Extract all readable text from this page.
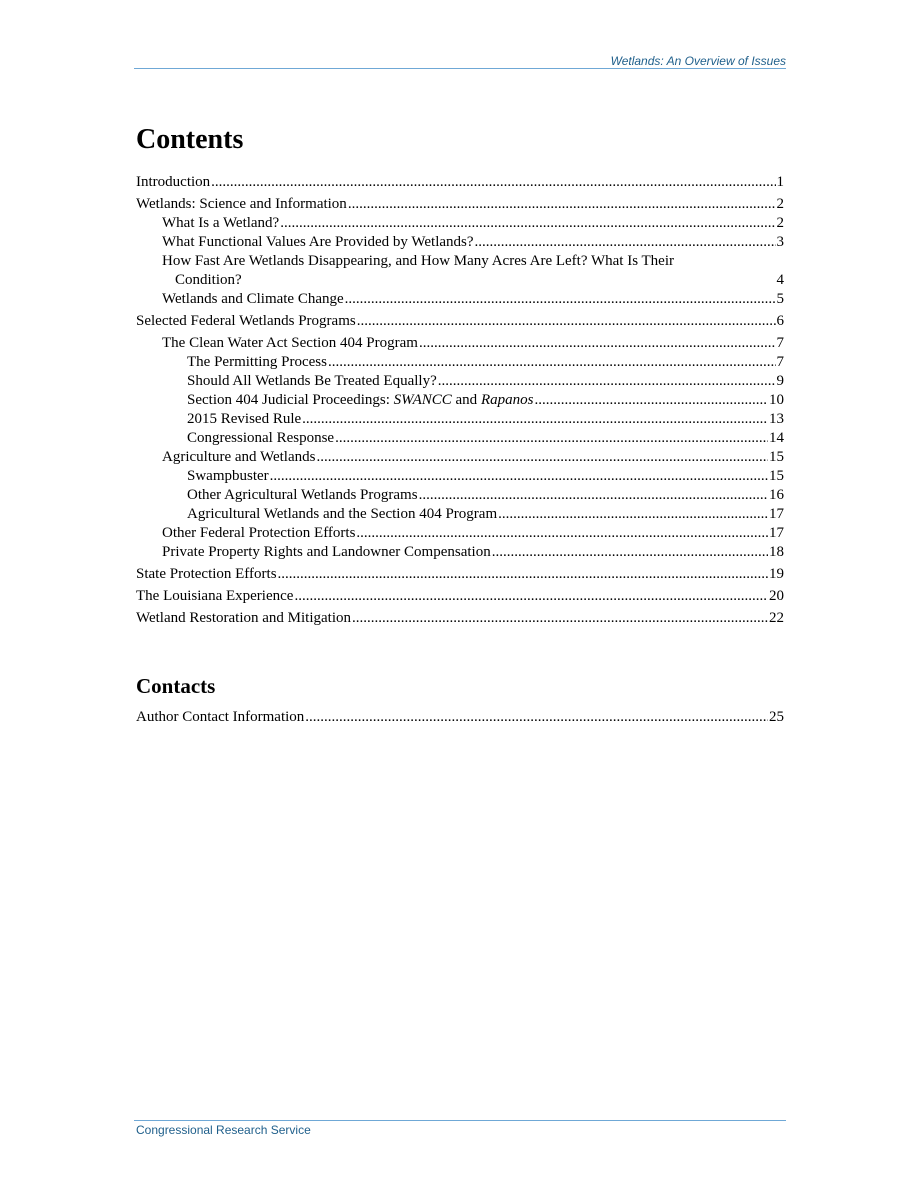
Wetlands: An Overview of Issues
Contents
Introduction .....	1
Wetlands: Science and Information .....	2
What Is a Wetland? .....	2
What Functional Values Are Provided by Wetlands? .....	3
How Fast Are Wetlands Disappearing, and How Many Acres Are Left? What Is Their
Condition?	4
Wetlands and Climate Change .....	5
Selected Federal Wetlands Programs .....	6
The Clean Water Act Section 404 Program .....	7
The Permitting Process .....	7
Should All Wetlands Be Treated Equally? .....	9
Section 404 Judicial Proceedings: SWANCC and Rapanos .....	10
2015 Revised Rule .....	13
Congressional Response .....	14
Agriculture and Wetlands .....	15
Swampbuster .....	15
Other Agricultural Wetlands Programs .....	16
Agricultural Wetlands and the Section 404 Program .....	17
Other Federal Protection Efforts .....	17
Private Property Rights and Landowner Compensation .....	18
State Protection Efforts .....	19
The Louisiana Experience .....	20
Wetland Restoration and Mitigation .....	22
Contacts
Author Contact Information .....	25
Congressional Research Service
